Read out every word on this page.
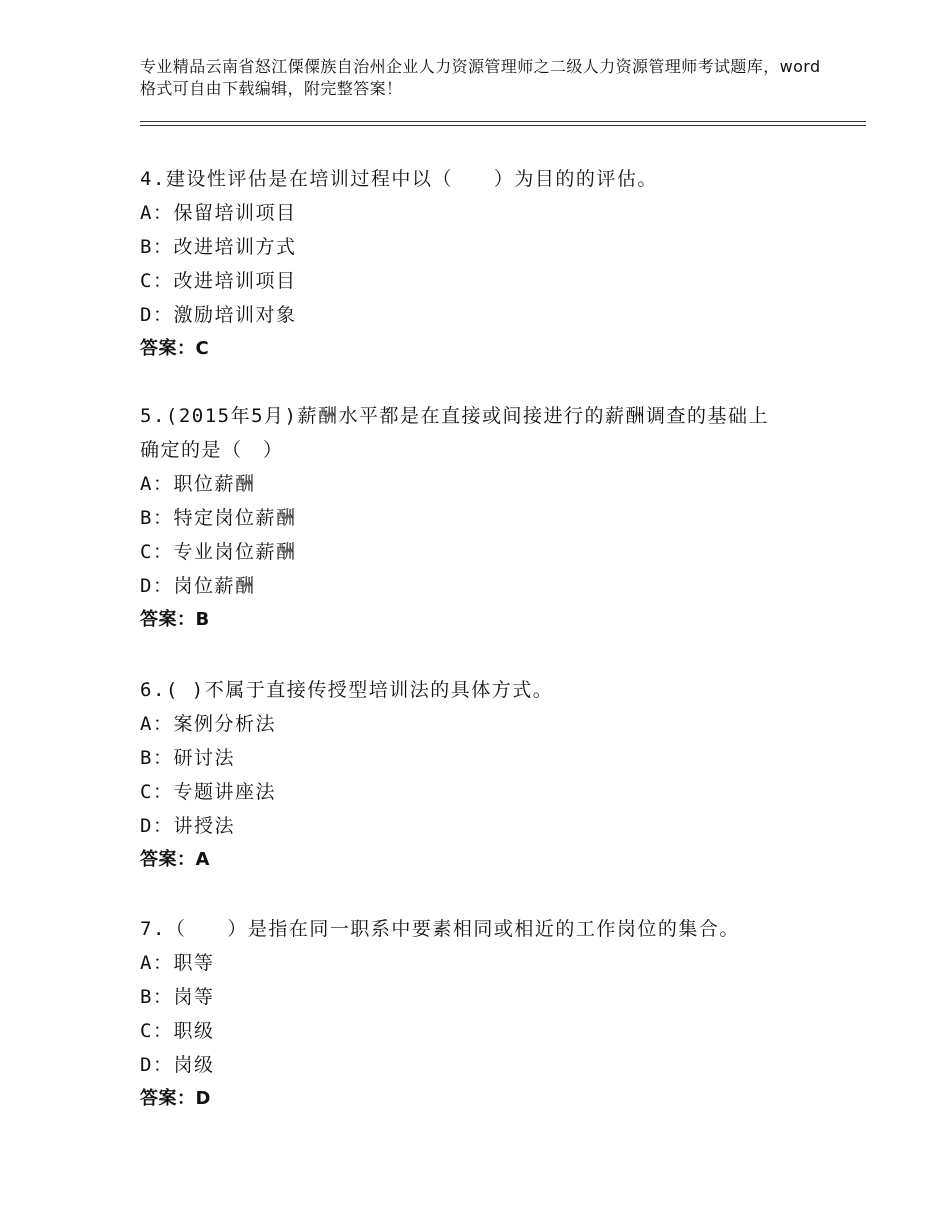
专业精品云南省怒江傈僳族自治州企业人力资源管理师之二级人力资源管理师考试题库，word格式可自由下载编辑，附完整答案！

4.建设性评估是在培训过程中以（　　）为目的的评估。

A：保留培训项目

B：改进培训方式

C：改进培训项目

D：激励培训对象

答案：C

5.(2015年5月)薪酬水平都是在直接或间接进行的薪酬调查的基础上
确定的是（　）

A：职位薪酬

B：特定岗位薪酬

C：专业岗位薪酬

D：岗位薪酬

答案：B

6.( )不属于直接传授型培训法的具体方式。

A：案例分析法

B：研讨法

C：专题讲座法

D：讲授法

答案：A

7.（　　）是指在同一职系中要素相同或相近的工作岗位的集合。

A：职等

B：岗等

C：职级

D：岗级

答案：D
